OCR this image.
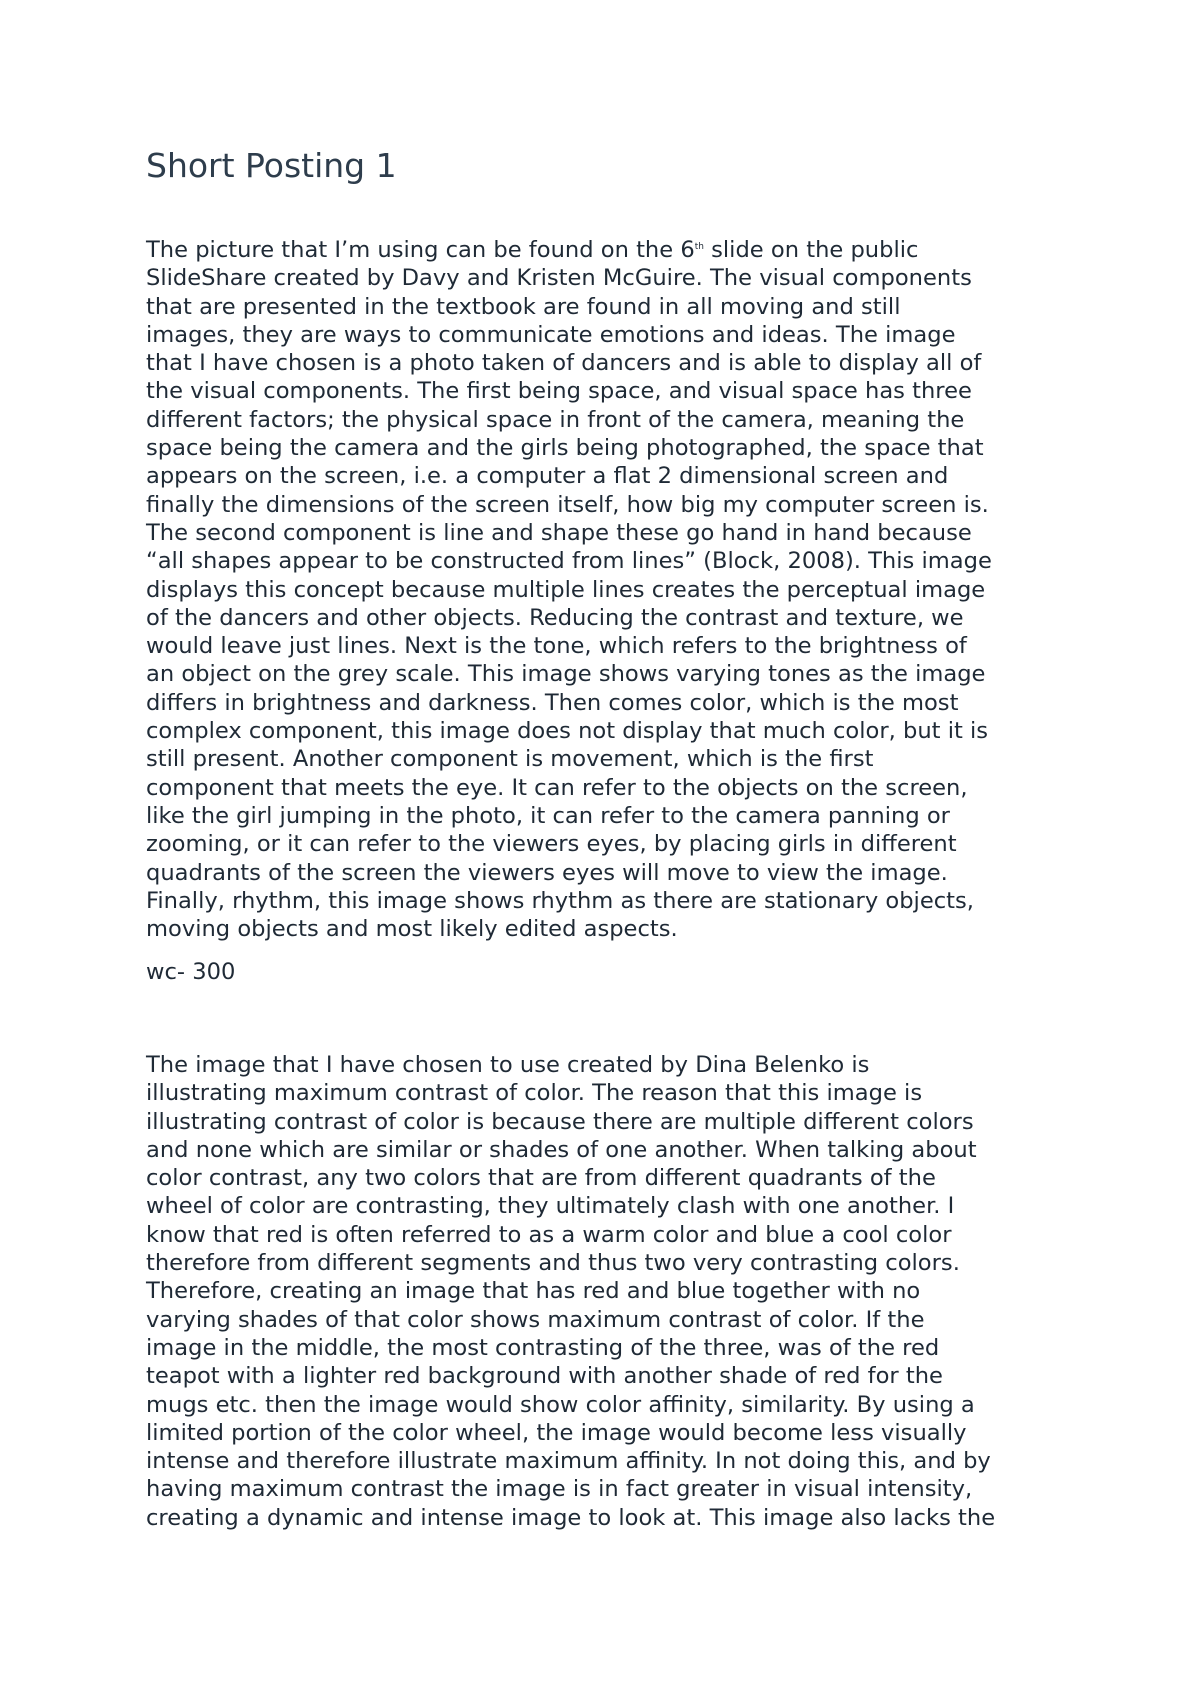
Short Posting 1
The picture that I’m using can be found on the 6th slide on the public
SlideShare created by Davy and Kristen McGuire. The visual components
that are presented in the textbook are found in all moving and still
images, they are ways to communicate emotions and ideas. The image
that I have chosen is a photo taken of dancers and is able to display all of
the visual components. The first being space, and visual space has three
different factors; the physical space in front of the camera, meaning the
space being the camera and the girls being photographed, the space that
appears on the screen, i.e. a computer a flat 2 dimensional screen and
finally the dimensions of the screen itself, how big my computer screen is.
The second component is line and shape these go hand in hand because
“all shapes appear to be constructed from lines” (Block, 2008). This image
displays this concept because multiple lines creates the perceptual image
of the dancers and other objects. Reducing the contrast and texture, we
would leave just lines. Next is the tone, which refers to the brightness of
an object on the grey scale. This image shows varying tones as the image
differs in brightness and darkness. Then comes color, which is the most
complex component, this image does not display that much color, but it is
still present. Another component is movement, which is the first
component that meets the eye. It can refer to the objects on the screen,
like the girl jumping in the photo, it can refer to the camera panning or
zooming, or it can refer to the viewers eyes, by placing girls in different
quadrants of the screen the viewers eyes will move to view the image.
Finally, rhythm, this image shows rhythm as there are stationary objects,
moving objects and most likely edited aspects.

wc- 300

The image that I have chosen to use created by Dina Belenko is
illustrating maximum contrast of color. The reason that this image is
illustrating contrast of color is because there are multiple different colors
and none which are similar or shades of one another. When talking about
color contrast, any two colors that are from different quadrants of the
wheel of color are contrasting, they ultimately clash with one another. I
know that red is often referred to as a warm color and blue a cool color
therefore from different segments and thus two very contrasting colors.
Therefore, creating an image that has red and blue together with no
varying shades of that color shows maximum contrast of color. If the
image in the middle, the most contrasting of the three, was of the red
teapot with a lighter red background with another shade of red for the
mugs etc. then the image would show color affinity, similarity. By using a
limited portion of the color wheel, the image would become less visually
intense and therefore illustrate maximum affinity. In not doing this, and by
having maximum contrast the image is in fact greater in visual intensity,
creating a dynamic and intense image to look at. This image also lacks the
